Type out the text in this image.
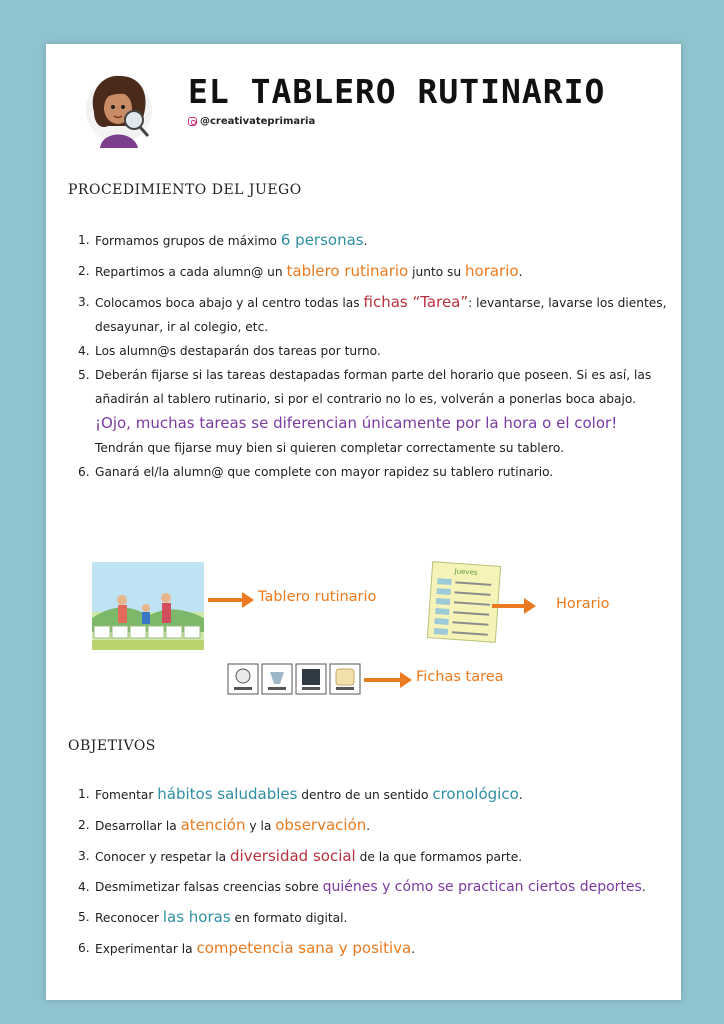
EL TABLERO RUTINARIO
@creativateprimaria
PROCEDIMIENTO DEL JUEGO
1. Formamos grupos de máximo 6 personas.
2. Repartimos a cada alumn@ un tablero rutinario junto su horario.
3. Colocamos boca abajo y al centro todas las fichas “Tarea”: levantarse, lavarse los dientes, desayunar, ir al colegio, etc.
4. Los alumn@s destaparán dos tareas por turno.
5. Deberán fijarse si las tareas destapadas forman parte del horario que poseen. Si es así, las añadirán al tablero rutinario, si por el contrario no lo es, volverán a ponerlas boca abajo. ¡Ojo, muchas tareas se diferencian únicamente por la hora o el color! Tendrán que fijarse muy bien si quieren completar correctamente su tablero.
6. Ganará el/la alumn@ que complete con mayor rapidez su tablero rutinario.
Tablero rutinario
Jueves
Horario
Fichas tarea
OBJETIVOS
1. Fomentar hábitos saludables dentro de un sentido cronológico.
2. Desarrollar la atención y la observación.
3. Conocer y respetar la diversidad social de la que formamos parte.
4. Desmimetizar falsas creencias sobre quiénes y cómo se practican ciertos deportes.
5. Reconocer las horas en formato digital.
6. Experimentar la competencia sana y positiva.
